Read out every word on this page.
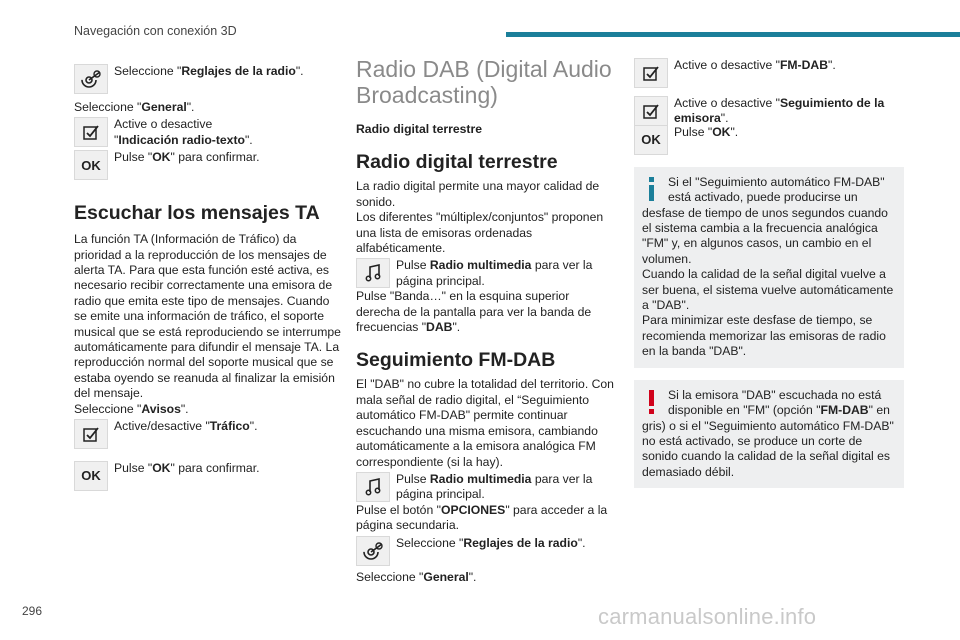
Navegación con conexión 3D

Seleccione "Reglajes de la radio".

Seleccione "General".

Active o desactive "Indicación radio-texto".

OK

Pulse "OK" para confirmar.

Escuchar los mensajes TA

La función TA (Información de Tráfico) da prioridad a la reproducción de los mensajes de alerta TA. Para que esta función esté activa, es necesario recibir correctamente una emisora de radio que emita este tipo de mensajes. Cuando se emite una información de tráfico, el soporte musical que se está reproduciendo se interrumpe automáticamente para difundir el mensaje TA. La reproducción normal del soporte musical que se estaba oyendo se reanuda al finalizar la emisión del mensaje.

Seleccione "Avisos".

Active/desactive "Tráfico".

OK

Pulse "OK" para confirmar.

Radio DAB (Digital Audio Broadcasting)

Radio digital terrestre

Radio digital terrestre

La radio digital permite una mayor calidad de sonido.

Los diferentes "múltiplex/conjuntos" proponen una lista de emisoras ordenadas alfabéticamente.

Pulse Radio multimedia para ver la página principal.

Pulse "Banda…" en la esquina superior derecha de la pantalla para ver la banda de frecuencias "DAB".

Seguimiento FM-DAB

El "DAB" no cubre la totalidad del territorio. Con mala señal de radio digital, el “Seguimiento automático FM-DAB" permite continuar escuchando una misma emisora, cambiando automáticamente a la emisora analógica FM correspondiente (si la hay).

Pulse Radio multimedia para ver la página principal.

Pulse el botón "OPCIONES" para acceder a la página secundaria.

Seleccione "Reglajes de la radio".

Seleccione "General".

Active o desactive "FM-DAB".

Active o desactive "Seguimiento de la emisora".

OK

Pulse "OK".

Si el "Seguimiento automático FM-DAB" está activado, puede producirse un desfase de tiempo de unos segundos cuando el sistema cambia a la frecuencia analógica "FM" y, en algunos casos, un cambio en el volumen.

Cuando la calidad de la señal digital vuelve a ser buena, el sistema vuelve automáticamente a "DAB".

Para minimizar este desfase de tiempo, se recomienda memorizar las emisoras de radio en la banda "DAB".

Si la emisora "DAB" escuchada no está disponible en "FM" (opción "FM-DAB" en gris) o si el "Seguimiento automático FM-DAB" no está activado, se produce un corte de sonido cuando la calidad de la señal digital es demasiado débil.

296	carmanualsonline.info
